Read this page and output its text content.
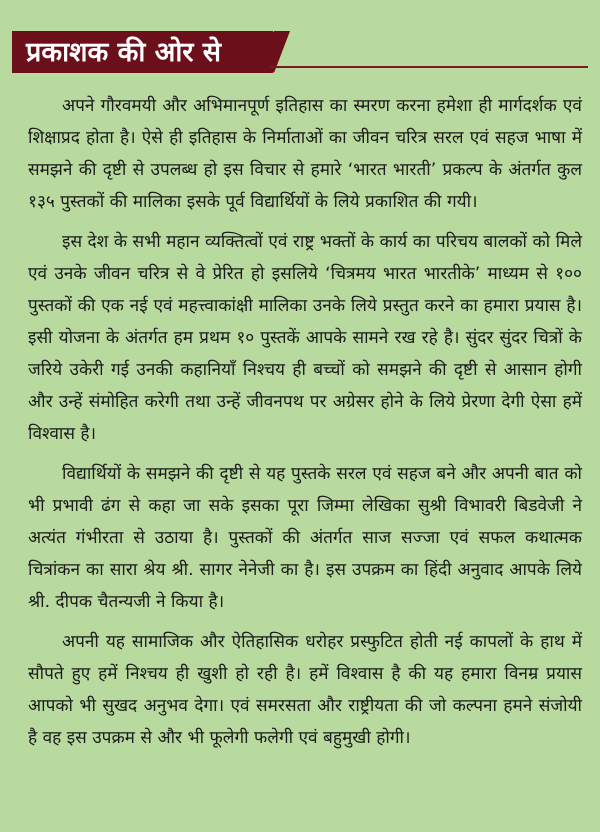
प्रकाशक की ओर से

अपने गौरवमयी और अभिमानपूर्ण इतिहास का स्मरण करना हमेशा ही मार्गदर्शक एवं शिक्षाप्रद होता है। ऐसे ही इतिहास के निर्माताओं का जीवन चरित्र सरल एवं सहज भाषा में समझने की दृष्टी से उपलब्ध हो इस विचार से हमारे ‘भारत भारती’ प्रकल्प के अंतर्गत कुल १३५ पुस्तकों की मालिका इसके पूर्व विद्यार्थियों के लिये प्रकाशित की गयी।

इस देश के सभी महान व्यक्तित्वों एवं राष्ट्र भक्तों के कार्य का परिचय बालकों को मिले एवं उनके जीवन चरित्र से वे प्रेरित हो इसलिये ‘चित्रमय भारत भारतीके’ माध्यम से १०० पुस्तकों की एक नई एवं महत्त्वाकांक्षी मालिका उनके लिये प्रस्तुत करने का हमारा प्रयास है। इसी योजना के अंतर्गत हम प्रथम १० पुस्तकें आपके सामने रख रहे है। सुंदर सुंदर चित्रों के जरिये उकेरी गई उनकी कहानियाँ निश्चय ही बच्चों को समझने की दृष्टी से आसान होगी और उन्हें संमोहित करेगी तथा उन्हें जीवनपथ पर अग्रेसर होने के लिये प्रेरणा देगी ऐसा हमें विश्वास है।

विद्यार्थियों के समझने की दृष्टी से यह पुस्तके सरल एवं सहज बने और अपनी बात को भी प्रभावी ढंग से कहा जा सके इसका पूरा जिम्मा लेखिका सुश्री विभावरी बिडवेजी ने अत्यंत गंभीरता से उठाया है। पुस्तकों की अंतर्गत साज सज्जा एवं सफल कथात्मक चित्रांकन का सारा श्रेय श्री. सागर नेनेजी का है। इस उपक्रम का हिंदी अनुवाद आपके लिये श्री. दीपक चैतन्यजी ने किया है।

अपनी यह सामाजिक और ऐतिहासिक धरोहर प्रस्फुटित होती नई कापलों के हाथ में सौपते हुए हमें निश्चय ही खुशी हो रही है। हमें विश्वास है की यह हमारा विनम्र प्रयास आपको भी सुखद अनुभव देगा। एवं समरसता और राष्ट्रीयता की जो कल्पना हमने संजोयी है वह इस उपक्रम से और भी फूलेगी फलेगी एवं बहुमुखी होगी।
